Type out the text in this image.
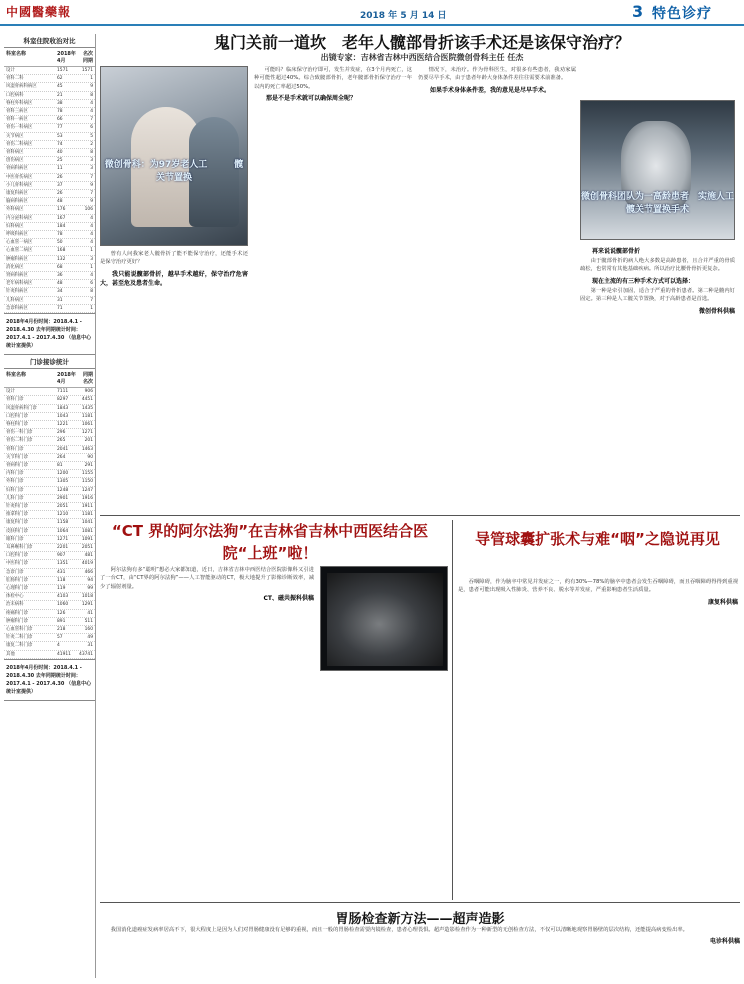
中國醫藥報	2018 年 5 月 14 日	3 特色诊疗
科室住院收治对比
科室名称	2018年 4月
名次 同期
设计	1571	1571
骨科二科	62	1
风湿骨病科病区	45	9
口腔病科	21	8
脊柱外科病区	38	4
骨科三病区	78	4
骨科一病区	66	7
骨伤一科病区	77	6
关节病区	53	5
骨伤二科病区	74	2
骨科病区	40	8
创伤病区	25	3
骨病科病区	11	3
中医骨伤病区	26	7
小儿骨科病区	37	9
康复科病区	26	7
脑病科病区	48	9
外科病区	176	106
内分泌科病区	167	4
妇科病区	184	4
呼吸科病区	78	4
心血管一病区	50	4
心血管二病区	168	1
肿瘤科病区	132	3
消化病区	68	1
肾病科病区	36	4
老年病科病区	48	6
针灸科病区	34	8
儿科病区	31	7
急诊科病区	71	1
2018年4月份时间：2018.4.1 - 2018.4.30 去年同期统计时间：2017.4.1 - 2017.4.30 （信息中心统计室提供）
门诊接诊统计
科室名称	2018年 4月
同期 名次
设计	7111	906
骨科门诊	8297	4451
风湿骨病科门诊	1843	1435
口腔科门诊	1043	1181
脊柱科门诊	1221	1061
骨伤一科门诊	296	1271
骨伤二科门诊	265	201
骨科门诊	2041	1463
关节科门诊	264	90
骨病科门诊	81	291
内科门诊	1200	1155
外科门诊	1305	1150
妇科门诊	1248	1247
儿科门诊	2901	1916
针灸科门诊	2051	1911
推拿科门诊	1210	1181
康复科门诊	1158	1041
皮肤科门诊	1064	1081
眼科门诊	1271	1091
耳鼻喉科门诊	2201	2051
口腔科门诊	907	481
中医科门诊	1351	4019
急诊门诊	431	466
肛肠科门诊	118	94
心理科门诊	119	99
体检中心	4103	1018
治未病科	1060	1291
疼痛科门诊	126	41
肿瘤科门诊	891	511
心血管科门诊	218	160
针灸二科门诊	57	49
康复二科门诊	4	31
其他	41911	43741
2018年4月份时间：2018.4.1 - 2018.4.30 去年同期统计时间：2017.4.1 - 2017.4.30 （信息中心统计室提供）
鬼门关前一道坎　老年人髋部骨折该手术还是该保守治疗？
出镜专家：吉林省吉林中西医结合医院微创骨科主任 任杰
微创骨科：为97岁老人工　　　髋关节置换

曾有人问我家老人髋骨折了能不能保守治疗，还能手术还是保守治疗更好？

我只能说髋部骨折，越早手术越好，保守治疗危害大，甚至危及患者生命。

可能吗？临床保守治疗即可，发生并发症，在3个月内死亡，这种可能性超过40%。综合致髋部骨折，老年髋部骨折保守治疗一年以内的死亡率超过50%。

那是不是手术就可以确保周全呢？

情况下，未治疗。作为骨科医生，对很多有些患者，我劝家属仍要尽早手术，由于患者年龄大身体条件差往往需要术前准备。

如果手术身体条件差，我的意见是尽早手术。

微创骨科团队为一高龄患者　实施人工髋关节置换手术

再来说说髋部骨折

由于髋部骨折的病人绝大多数是高龄患者，且合并严重的骨质疏松，也常常有其他基础疾病。所以治疗比腰骨骨折更复杂。

现在主流的有三种手术方式可以选择：

第一种是牵引加固，适合于严重的骨折患者。第二种是髓内钉固定。第三种是人工髋关节置换，对于高龄患者是首选。

微创骨科供稿

“CT 界的阿尔法狗”在吉林省吉林中西医结合医院“上班”啦！

阿尔法狗有多“聪明”想必大家都知道，近日，吉林省吉林中西医结合医院影像科又引进了一台CT，由“CT界的阿尔法狗”——人工智能驱动的CT，极大地提升了影像诊断效率，减少了辐射剂量。

CT、磁共振科供稿

导管球囊扩张术与难“咽”之隐说再见

吞咽障碍，作为脑卒中常见并发症之一，约有30%—78%的脑卒中患者会发生吞咽障碍，而且吞咽障碍得得到重视是，患者可能出现吸入性肺炎、营养不良、脱水等并发症，严重影响患者生活质量。

康复科供稿

胃肠检查新方法——超声造影

我国消化道癌症发病率居高不下，很大程度上是因为人们对胃肠健康没有足够的重视，而且一般的胃肠检查需要内镜检查，患者心理畏惧。超声造影检查作为一种新型的无创检查方法，不仅可以清晰地观察胃肠壁的层次结构，还能提高病变检出率。

电诊科供稿
